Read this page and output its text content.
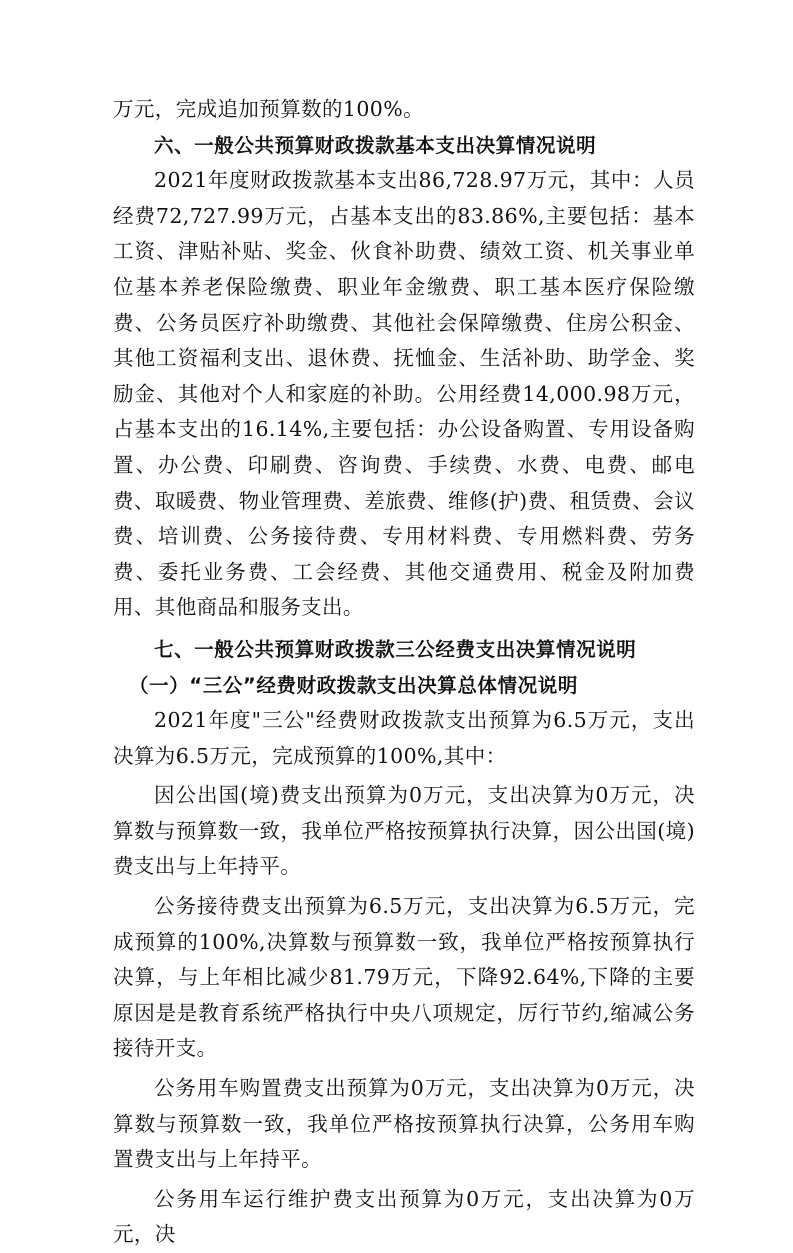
万元，完成追加预算数的100%。

六、一般公共预算财政拨款基本支出决算情况说明

2021年度财政拨款基本支出86,728.97万元，其中：人员经费72,727.99万元，占基本支出的83.86%,主要包括：基本工资、津贴补贴、奖金、伙食补助费、绩效工资、机关事业单位基本养老保险缴费、职业年金缴费、职工基本医疗保险缴费、公务员医疗补助缴费、其他社会保障缴费、住房公积金、其他工资福利支出、退休费、抚恤金、生活补助、助学金、奖励金、其他对个人和家庭的补助。公用经费14,000.98万元，占基本支出的16.14%,主要包括：办公设备购置、专用设备购置、办公费、印刷费、咨询费、手续费、水费、电费、邮电费、取暖费、物业管理费、差旅费、维修(护)费、租赁费、会议费、培训费、公务接待费、专用材料费、专用燃料费、劳务费、委托业务费、工会经费、其他交通费用、税金及附加费用、其他商品和服务支出。

七、一般公共预算财政拨款三公经费支出决算情况说明

（一）“三公”经费财政拨款支出决算总体情况说明

2021年度"三公"经费财政拨款支出预算为6.5万元，支出决算为6.5万元，完成预算的100%,其中：

因公出国(境)费支出预算为0万元，支出决算为0万元，决算数与预算数一致，我单位严格按预算执行决算，因公出国(境)费支出与上年持平。

公务接待费支出预算为6.5万元，支出决算为6.5万元，完成预算的100%,决算数与预算数一致，我单位严格按预算执行决算，与上年相比减少81.79万元，下降92.64%,下降的主要原因是是教育系统严格执行中央八项规定，厉行节约,缩减公务接待开支。

公务用车购置费支出预算为0万元，支出决算为0万元，决算数与预算数一致，我单位严格按预算执行决算，公务用车购置费支出与上年持平。

公务用车运行维护费支出预算为0万元，支出决算为0万元，决
